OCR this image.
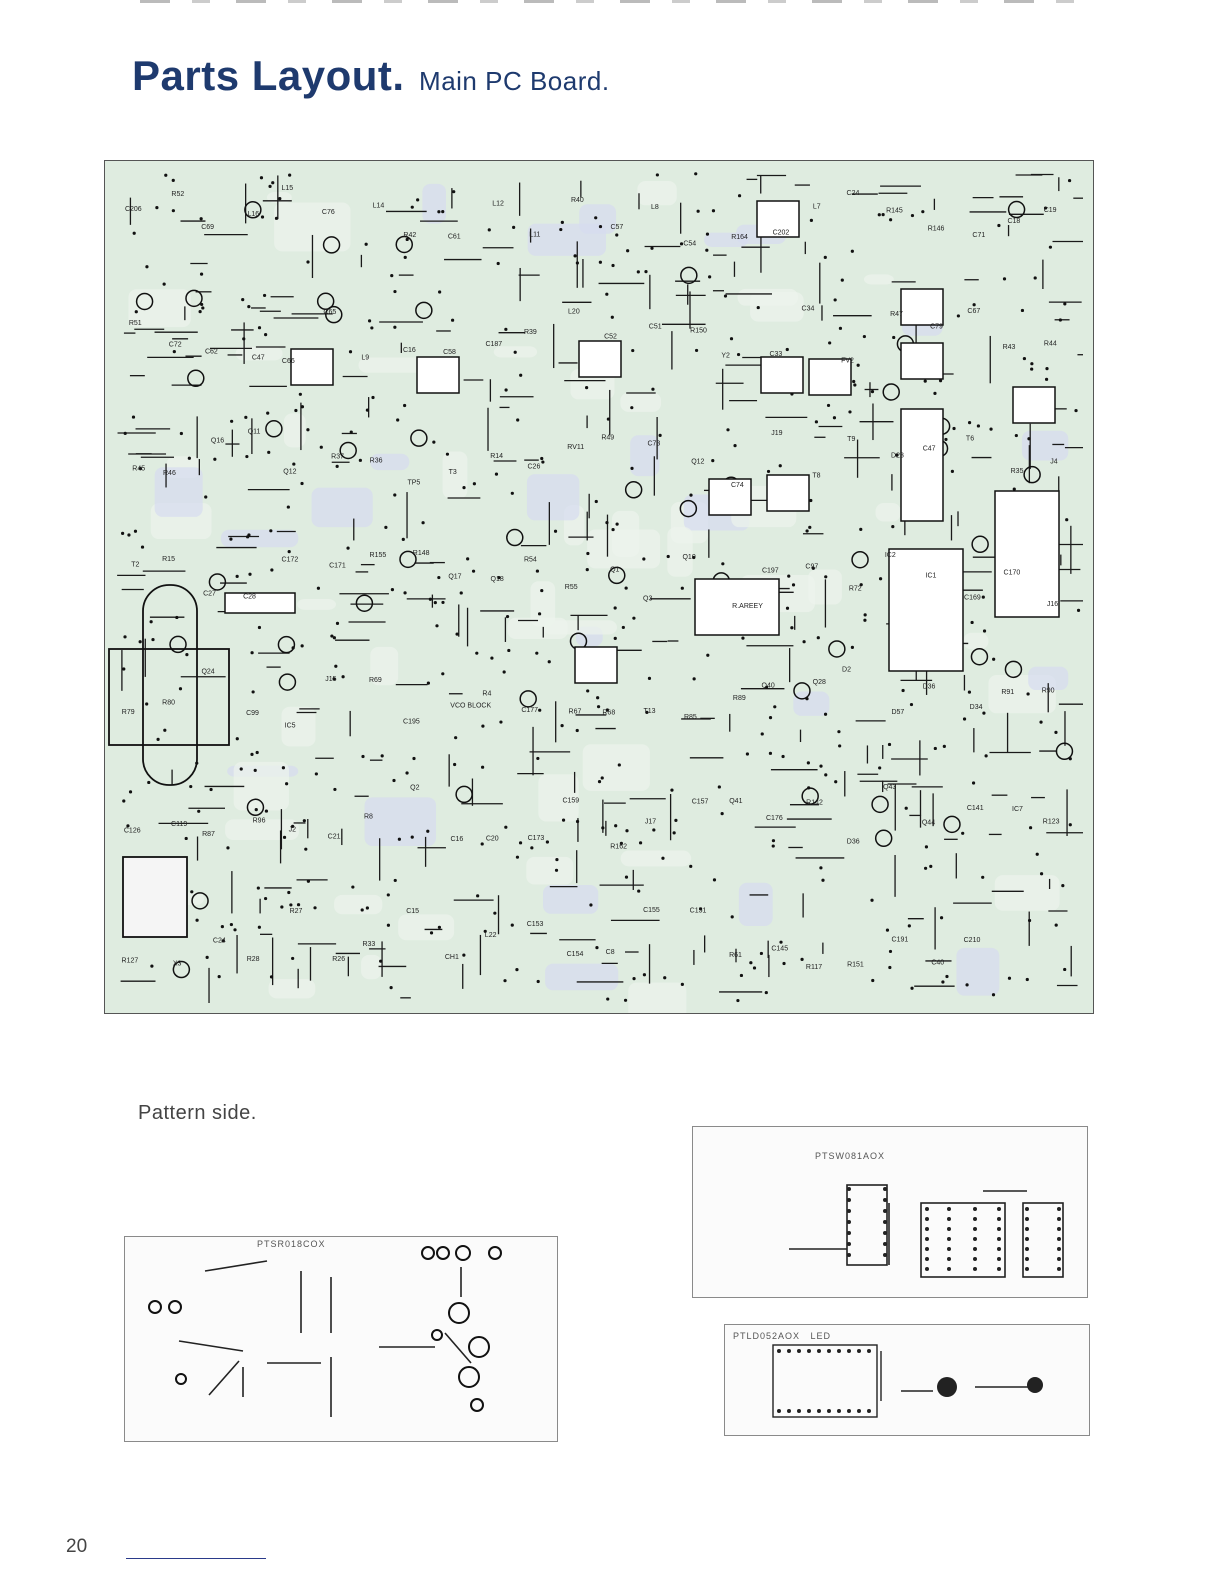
Parts Layout. Main PC Board.
C206
R52
C69
L16
L15
C76
L14
R42	C61
L12
L11
R40
C57
L8
C54
R164
C202
L7
C24
R145
R146
C71
C18
C19
R51
C72
C62
C47
C66
C65
L9
C16	C58
C187
R39
L20
C52
C51
R150
Y2	C33
C34
FV2
R47
C79
C67
R43	R44
R45
R46
Q16
Q11
Q12
R37
R36
TP5
T3
R14
C26
RV11
R49
C73
Q12
C74
J19
T8
T9
D23
C47
T6
R35
J4
T2
R15
C27	C28
C172
C171
R155	R148
Q17	Q18
R54
R55
Q1
Q3
Q10
R.AREEY
C197
C97
R72
IC2
IC1
C169
C170
J16
R79
R80
Q24
C99
IC5
J15	R69
C195
VCO BLOCK
R4
C177	R67	R68	T13
R85
R89
Q40	Q28
D2
D57
D36
D34
R91	R90
C126
C119
R87
R96
J2
C21
R8
Q2
C16	C20	C173
C159
R162
J17
C157	Q41
C176
R142
D36
Q43
Q44
C141	IC7
R123
R127	X3
C24
R28
R27
R26
R33
C15
CH1
L22
C153
C154	C8
C155	C151
R61
C145
R117	R151
C191
C40
C210
Pattern side.
PTSR018COX
PTSW081AOX
PTLD052AOX LED
20
